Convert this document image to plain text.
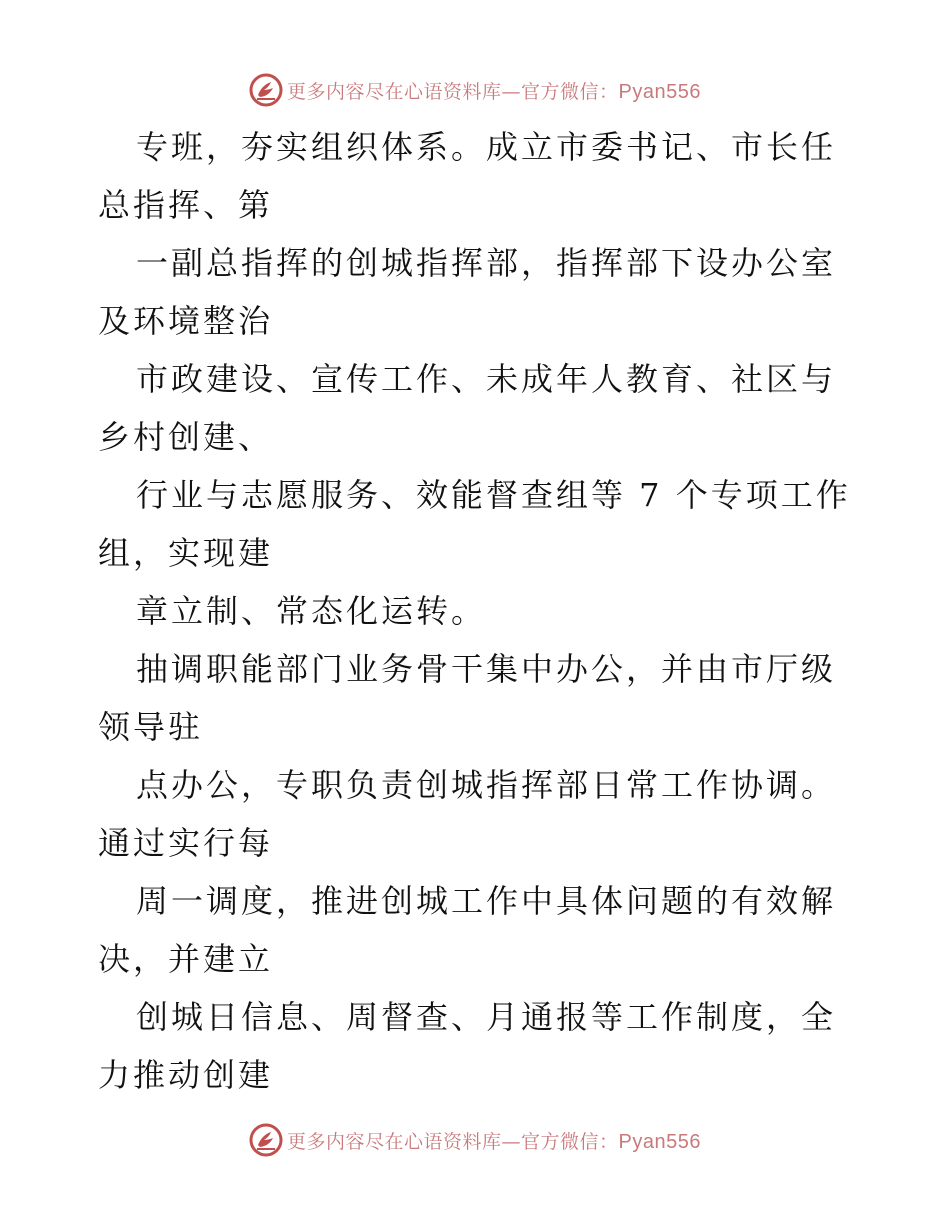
更多内容尽在心语资料库—官方微信：Pyan556

专班，夯实组织体系。成立市委书记、市长任总指挥、第

一副总指挥的创城指挥部，指挥部下设办公室及环境整治

市政建设、宣传工作、未成年人教育、社区与乡村创建、

行业与志愿服务、效能督查组等 7 个专项工作组，实现建

章立制、常态化运转。

抽调职能部门业务骨干集中办公，并由市厅级领导驻

点办公，专职负责创城指挥部日常工作协调。通过实行每

周一调度，推进创城工作中具体问题的有效解决，并建立

创城日信息、周督查、月通报等工作制度，全力推动创建

更多内容尽在心语资料库—官方微信：Pyan556
